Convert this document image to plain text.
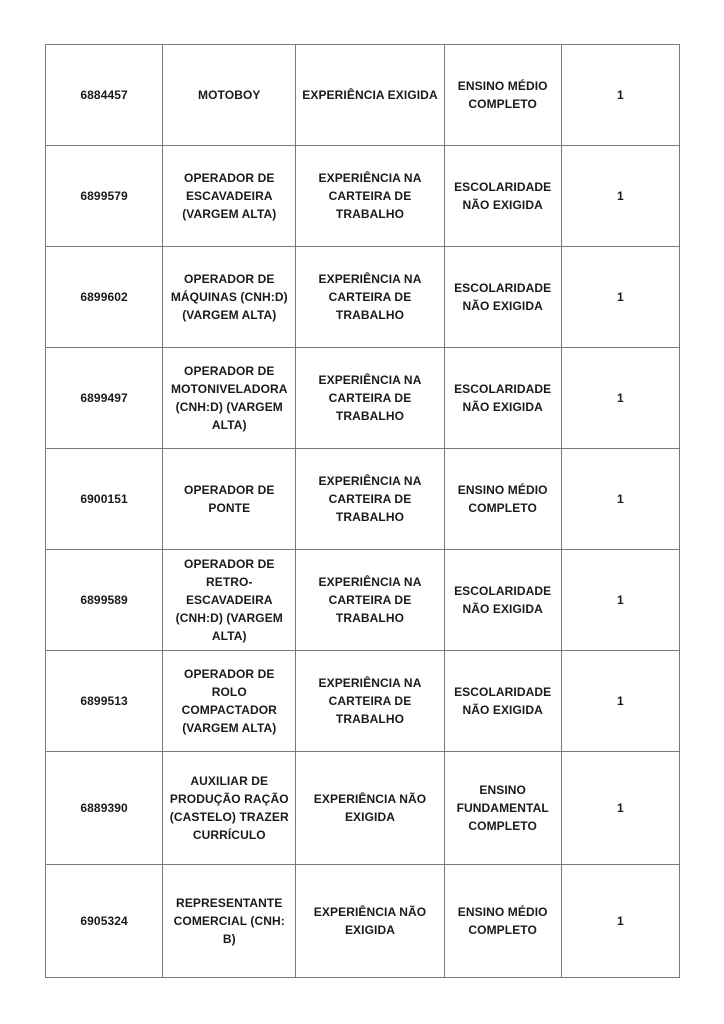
6884457	MOTOBOY	EXPERIÊNCIA EXIGIDA	ENSINO MÉDIO
COMPLETO	1
6899579	OPERADOR DE
ESCAVADEIRA
(VARGEM ALTA)	EXPERIÊNCIA NA
CARTEIRA DE
TRABALHO	ESCOLARIDADE
NÃO EXIGIDA	1
6899602	OPERADOR DE
MÁQUINAS (CNH:D)
(VARGEM ALTA)	EXPERIÊNCIA NA
CARTEIRA DE
TRABALHO	ESCOLARIDADE
NÃO EXIGIDA	1
6899497	OPERADOR DE
MOTONIVELADORA
(CNH:D) (VARGEM
ALTA)	EXPERIÊNCIA NA
CARTEIRA DE
TRABALHO	ESCOLARIDADE
NÃO EXIGIDA	1
6900151	OPERADOR DE
PONTE	EXPERIÊNCIA NA
CARTEIRA DE
TRABALHO	ENSINO MÉDIO
COMPLETO	1
6899589	OPERADOR DE RETRO-
ESCAVADEIRA
(CNH:D) (VARGEM
ALTA)	EXPERIÊNCIA NA
CARTEIRA DE
TRABALHO	ESCOLARIDADE
NÃO EXIGIDA	1
6899513	OPERADOR DE ROLO
COMPACTADOR
(VARGEM ALTA)	EXPERIÊNCIA NA
CARTEIRA DE
TRABALHO	ESCOLARIDADE
NÃO EXIGIDA	1
6889390	AUXILIAR DE
PRODUÇÃO RAÇÃO
(CASTELO) TRAZER
CURRÍCULO	EXPERIÊNCIA NÃO
EXIGIDA	ENSINO
FUNDAMENTAL
COMPLETO	1
6905324	REPRESENTANTE
COMERCIAL (CNH: B)	EXPERIÊNCIA NÃO
EXIGIDA	ENSINO MÉDIO
COMPLETO	1
